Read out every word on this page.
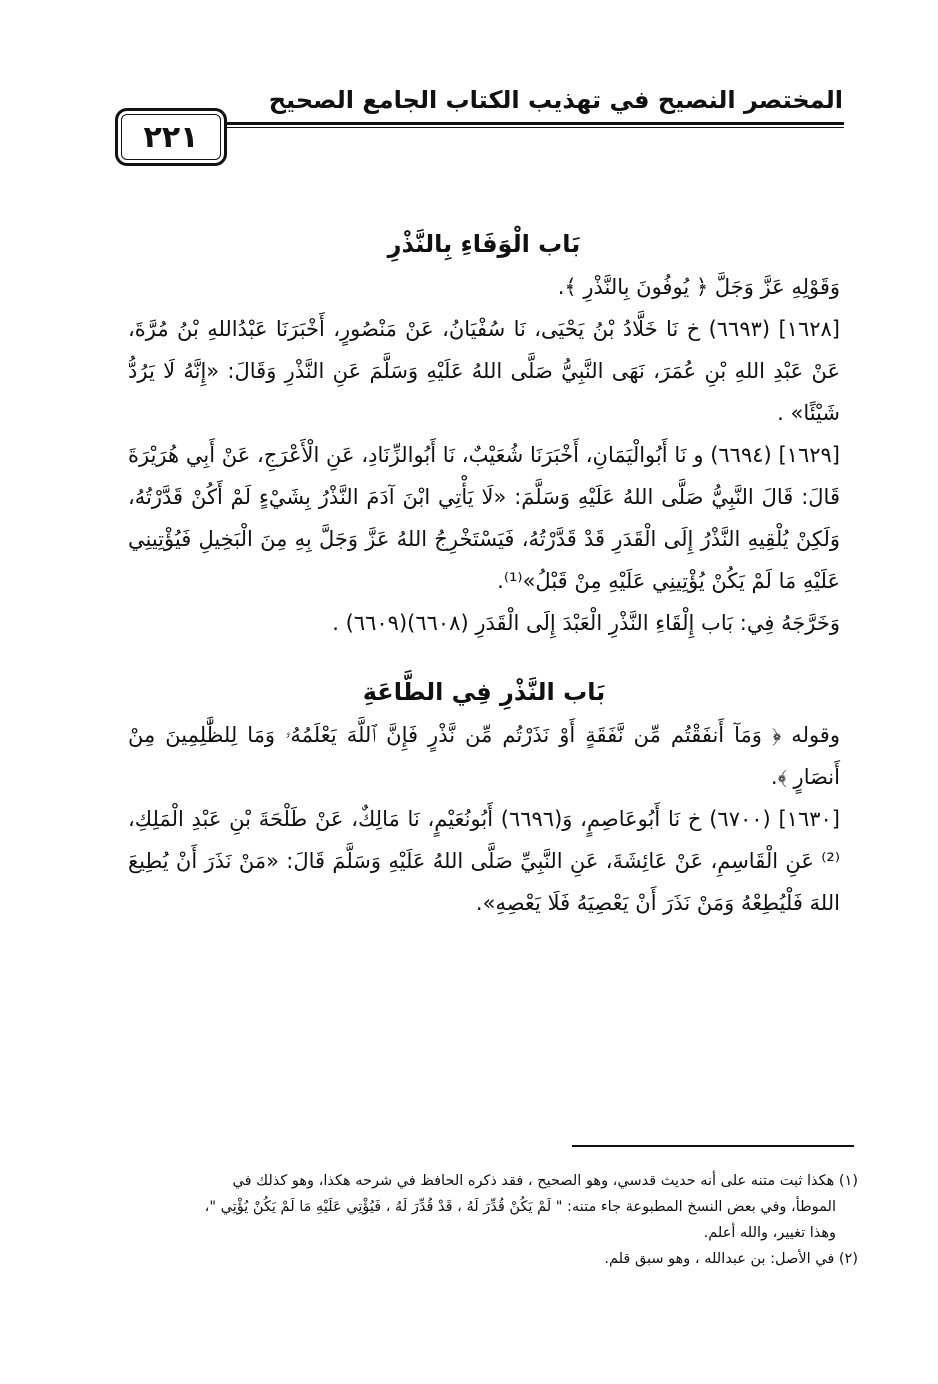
المختصر النصيح في تهذيب الكتاب الجامع الصحيح
٢٢١

بَاب الْوَفَاءِ بِالنَّذْرِ

وَقَوْلِهِ عَزَّ وَجَلَّ ﴿ يُوفُونَ بِالنَّذْرِ ﴾.

[١٦٢٨] (٦٦٩٣) خ نَا خَلَّادُ بْنُ يَحْيَى، نَا سُفْيَانُ، عَنْ مَنْصُورٍ، أَخْبَرَنَا عَبْدُاللهِ بْنُ مُرَّةَ، عَنْ عَبْدِ اللهِ بْنِ عُمَرَ، نَهَى النَّبِيُّ صَلَّى اللهُ عَلَيْهِ وَسَلَّمَ عَنِ النَّذْرِ وَقَالَ: «إِنَّهُ لَا يَرُدُّ شَيْئًا» .

[١٦٢٩] (٦٦٩٤) و نَا أَبُوالْيَمَانِ، أَخْبَرَنَا شُعَيْبٌ، نَا أَبُوالزِّنَادِ، عَنِ الْأَعْرَجِ، عَنْ أَبِي هُرَيْرَةَ قَالَ: قَالَ النَّبِيُّ صَلَّى اللهُ عَلَيْهِ وَسَلَّمَ: «لَا يَأْتِي ابْنَ آدَمَ النَّذْرُ بِشَيْءٍ لَمْ أَكُنْ قَدَّرْتُهُ، وَلَكِنْ يُلْقِيهِ النَّذْرُ إِلَى الْقَدَرِ قَدْ قَدَّرْتُهُ، فَيَسْتَخْرِجُ اللهُ عَزَّ وَجَلَّ بِهِ مِنَ الْبَخِيلِ فَيُؤْتِينِي عَلَيْهِ مَا لَمْ يَكُنْ يُؤْتِينِي عَلَيْهِ مِنْ قَبْلُ»⁽¹⁾.

وَخَرَّجَهُ فِي: بَاب إِلْقَاءِ النَّذْرِ الْعَبْدَ إِلَى الْقَدَرِ (٦٦٠٨)(٦٦٠٩) .

بَاب النَّذْرِ فِي الطَّاعَةِ

وقوله ﴿ وَمَآ أَنفَقْتُم مِّن نَّفَقَةٍ أَوْ نَذَرْتُم مِّن نَّذْرٍ فَإِنَّ ٱللَّهَ يَعْلَمُهُۥ وَمَا لِلظَّٰلِمِينَ مِنْ أَنصَارٍ ﴾.

[١٦٣٠] (٦٧٠٠) خ نَا أَبُوعَاصِمٍ، وَ(٦٦٩٦) أَبُونُعَيْمٍ، نَا مَالِكٌ، عَنْ طَلْحَةَ بْنِ عَبْدِ الْمَلِكِ،⁽²⁾ عَنِ الْقَاسِمِ، عَنْ عَائِشَةَ، عَنِ النَّبِيِّ صَلَّى اللهُ عَلَيْهِ وَسَلَّمَ قَالَ: «مَنْ نَذَرَ أَنْ يُطِيعَ اللهَ فَلْيُطِعْهُ وَمَنْ نَذَرَ أَنْ يَعْصِيَهُ فَلَا يَعْصِهِ».

(١) هكذا ثبت متنه على أنه حديث قدسي، وهو الصحيح ، فقد ذكره الحافظ في شرحه هكذا، وهو كذلك في
الموطأ، وفي بعض النسخ المطبوعة جاء متنه: " لَمْ يَكُنْ قُدِّرَ لَهُ ، قَدْ قُدِّرَ لَهُ ، فَيُؤْتِي عَلَيْهِ مَا لَمْ يَكُنْ يُؤْتِي "،
وهذا تغيير، والله أعلم.
(٢) في الأصل: بن عبدالله ، وهو سبق قلم.
